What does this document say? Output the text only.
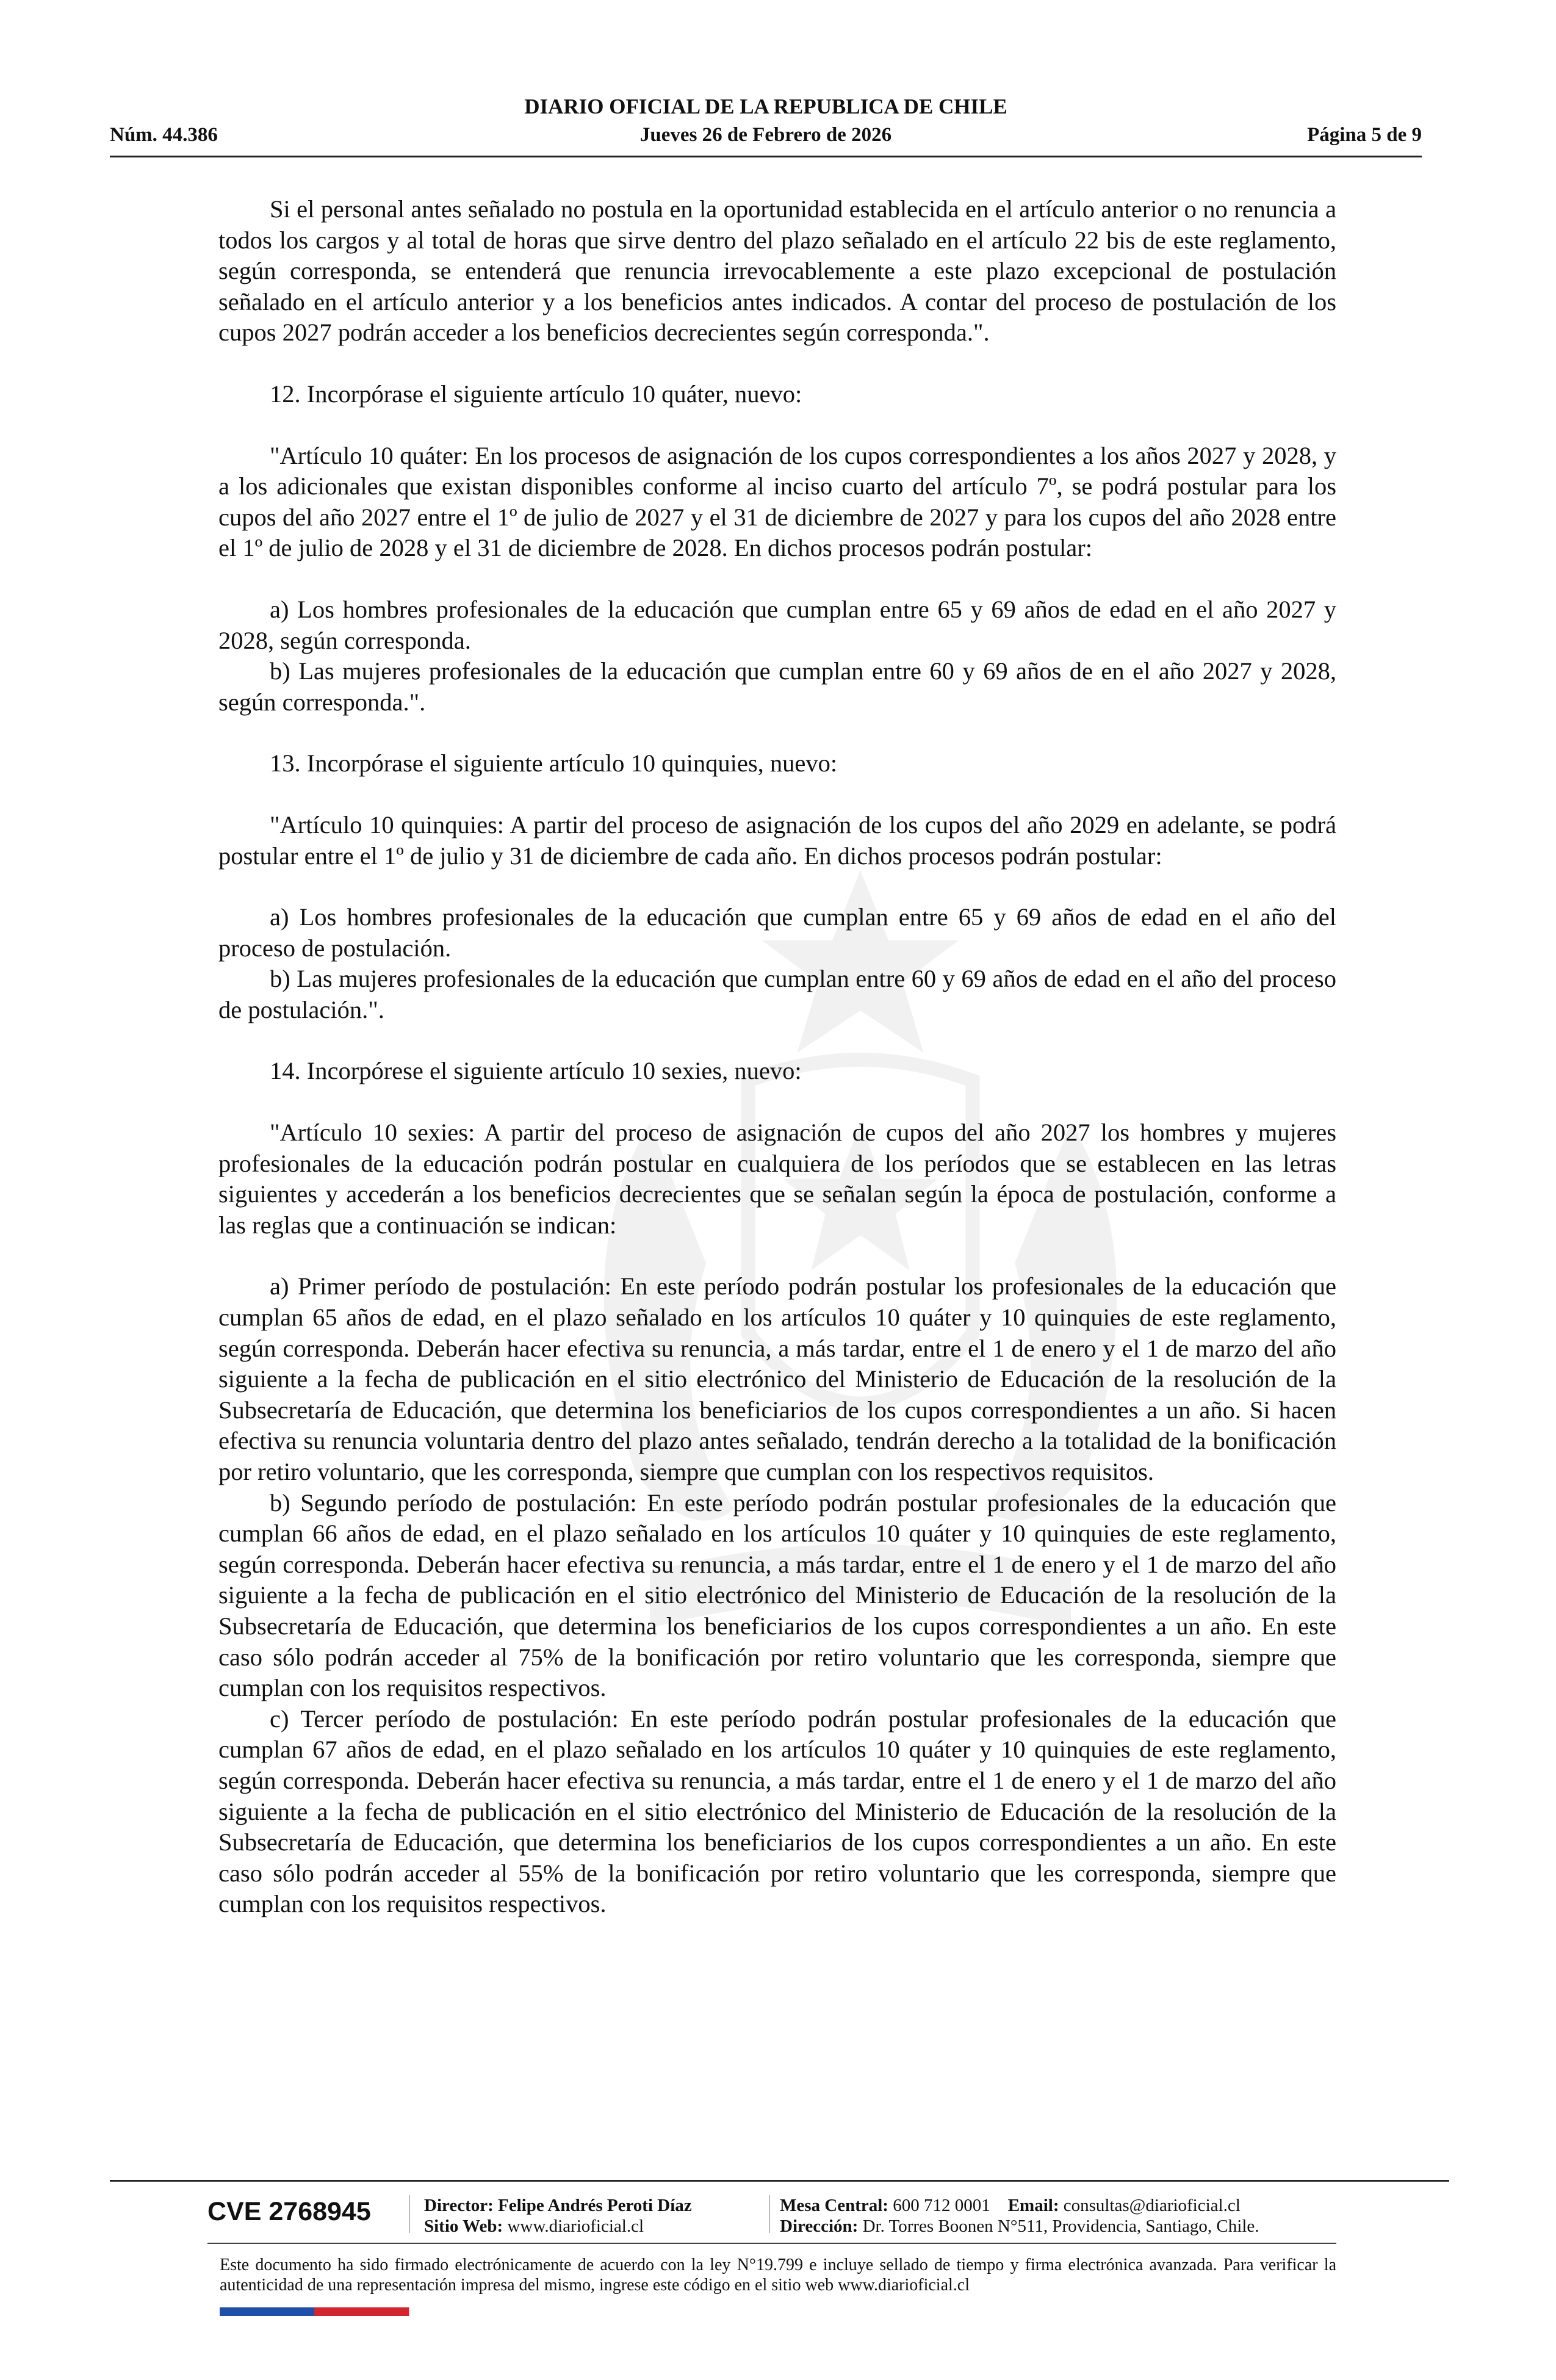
DIARIO OFICIAL DE LA REPUBLICA DE CHILE
Núm. 44.386	Jueves 26 de Febrero de 2026	Página 5 de 9

Si el personal antes señalado no postula en la oportunidad establecida en el artículo anterior o no renuncia a todos los cargos y al total de horas que sirve dentro del plazo señalado en el artículo 22 bis de este reglamento, según corresponda, se entenderá que renuncia irrevocablemente a este plazo excepcional de postulación señalado en el artículo anterior y a los beneficios antes indicados. A contar del proceso de postulación de los cupos 2027 podrán acceder a los beneficios decrecientes según corresponda.".

12. Incorpórase el siguiente artículo 10 quáter, nuevo:

"Artículo 10 quáter: En los procesos de asignación de los cupos correspondientes a los años 2027 y 2028, y a los adicionales que existan disponibles conforme al inciso cuarto del artículo 7º, se podrá postular para los cupos del año 2027 entre el 1º de julio de 2027 y el 31 de diciembre de 2027 y para los cupos del año 2028 entre el 1º de julio de 2028 y el 31 de diciembre de 2028. En dichos procesos podrán postular:

a) Los hombres profesionales de la educación que cumplan entre 65 y 69 años de edad en el año 2027 y 2028, según corresponda.

b) Las mujeres profesionales de la educación que cumplan entre 60 y 69 años de en el año 2027 y 2028, según corresponda.".

13. Incorpórase el siguiente artículo 10 quinquies, nuevo:

"Artículo 10 quinquies: A partir del proceso de asignación de los cupos del año 2029 en adelante, se podrá postular entre el 1º de julio y 31 de diciembre de cada año. En dichos procesos podrán postular:

a) Los hombres profesionales de la educación que cumplan entre 65 y 69 años de edad en el año del proceso de postulación.

b) Las mujeres profesionales de la educación que cumplan entre 60 y 69 años de edad en el año del proceso de postulación.".

14. Incorpórese el siguiente artículo 10 sexies, nuevo:

"Artículo 10 sexies: A partir del proceso de asignación de cupos del año 2027 los hombres y mujeres profesionales de la educación podrán postular en cualquiera de los períodos que se establecen en las letras siguientes y accederán a los beneficios decrecientes que se señalan según la época de postulación, conforme a las reglas que a continuación se indican:

a) Primer período de postulación: En este período podrán postular los profesionales de la educación que cumplan 65 años de edad, en el plazo señalado en los artículos 10 quáter y 10 quinquies de este reglamento, según corresponda. Deberán hacer efectiva su renuncia, a más tardar, entre el 1 de enero y el 1 de marzo del año siguiente a la fecha de publicación en el sitio electrónico del Ministerio de Educación de la resolución de la Subsecretaría de Educación, que determina los beneficiarios de los cupos correspondientes a un año. Si hacen efectiva su renuncia voluntaria dentro del plazo antes señalado, tendrán derecho a la totalidad de la bonificación por retiro voluntario, que les corresponda, siempre que cumplan con los respectivos requisitos.

b) Segundo período de postulación: En este período podrán postular profesionales de la educación que cumplan 66 años de edad, en el plazo señalado en los artículos 10 quáter y 10 quinquies de este reglamento, según corresponda. Deberán hacer efectiva su renuncia, a más tardar, entre el 1 de enero y el 1 de marzo del año siguiente a la fecha de publicación en el sitio electrónico del Ministerio de Educación de la resolución de la Subsecretaría de Educación, que determina los beneficiarios de los cupos correspondientes a un año. En este caso sólo podrán acceder al 75% de la bonificación por retiro voluntario que les corresponda, siempre que cumplan con los requisitos respectivos.

c) Tercer período de postulación: En este período podrán postular profesionales de la educación que cumplan 67 años de edad, en el plazo señalado en los artículos 10 quáter y 10 quinquies de este reglamento, según corresponda. Deberán hacer efectiva su renuncia, a más tardar, entre el 1 de enero y el 1 de marzo del año siguiente a la fecha de publicación en el sitio electrónico del Ministerio de Educación de la resolución de la Subsecretaría de Educación, que determina los beneficiarios de los cupos correspondientes a un año. En este caso sólo podrán acceder al 55% de la bonificación por retiro voluntario que les corresponda, siempre que cumplan con los requisitos respectivos.

CVE 2768945	Director: Felipe Andrés Peroti Díaz
Sitio Web: www.diarioficial.cl
Mesa Central: 600 712 0001 Email: consultas@diarioficial.cl
Dirección: Dr. Torres Boonen N°511, Providencia, Santiago, Chile.
Este documento ha sido firmado electrónicamente de acuerdo con la ley N°19.799 e incluye sellado de tiempo y firma electrónica avanzada. Para verificar la autenticidad de una representación impresa del mismo, ingrese este código en el sitio web www.diarioficial.cl
